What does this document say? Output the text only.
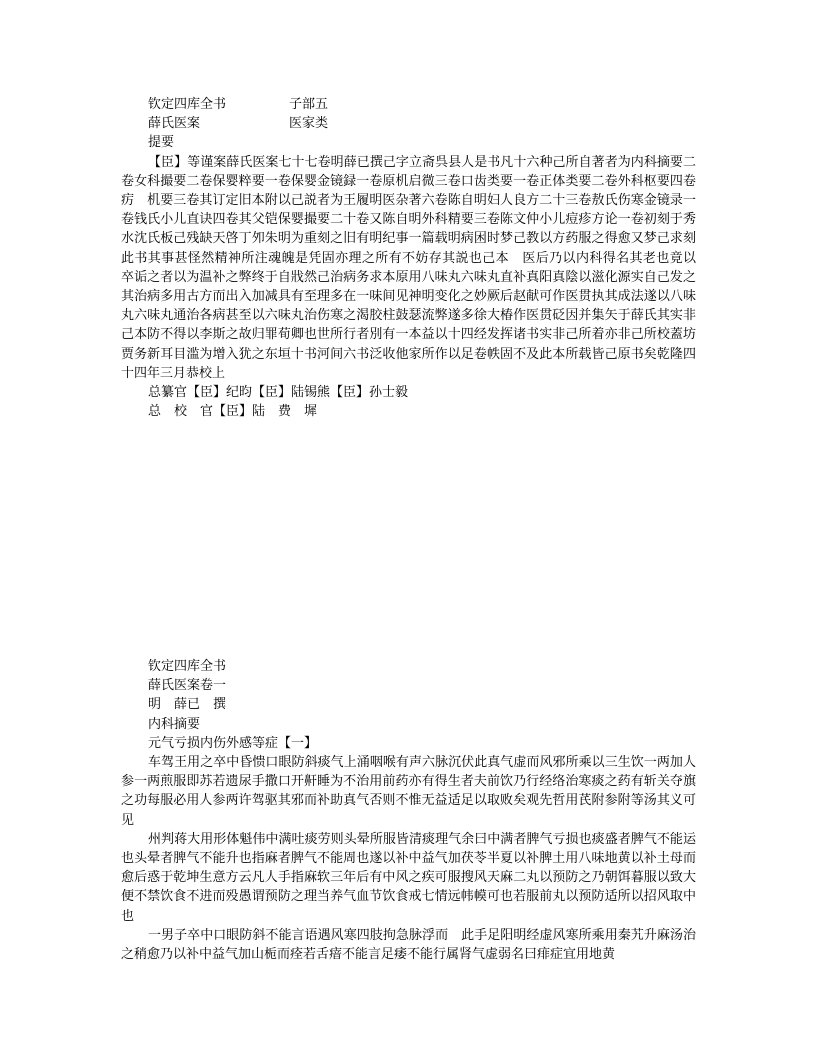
钦定四库全书	子部五
薛氏医案	医家类
提要

【臣】等谨案薛氏医案七十七卷明薛已撰己字立斋呉县人是书凡十六种己所自著者为内科摘要二卷女科撮要二卷保婴粹要一卷保婴金镜録一卷原机启微三卷口齿类要一卷正体类要二卷外科枢要四卷疠　机要三卷其订定旧本附以己説者为王履明医杂著六卷陈自明妇人良方二十三卷敖氏伤寒金镜录一卷钱氏小儿直诀四卷其父铠保婴撮要二十卷又陈自明外科精要三卷陈文仲小儿痘疹方论一卷初刻于秀水沈氏板己残缺天啓丁夘朱明为重刻之旧有明纪事一篇载明病困时梦己教以方药服之得愈又梦己求刻此书其事甚怪然精神所注魂魄是凭固亦理之所有不妨存其説也己本　医后乃以内科得名其老也竟以　卒诟之者以为温补之弊终于自戕然己治病务求本原用八味丸六味丸直补真阳真陰以滋化源实自己发之其治病多用古方而出入加减具有至理多在一味间见神明变化之妙厥后赵献可作医贯执其成法遂以八味丸六味丸通治各病甚至以六味丸治伤寒之渴胶柱鼓瑟流弊遂多徐大椿作医贯砭因并集矢于薛氏其实非己本防不得以李斯之故归罪荀卿也世所行者別有一本益以十四经发挥诸书实非己所着亦非己所校蓋坊贾务新耳目滥为增入犹之东垣十书河间六书泛收他家所作以足卷帙固不及此本所载皆己原书矣乾隆四十四年三月恭校上

总纂官【臣】纪昀【臣】陆锡熊【臣】孙士毅
总　校　官【臣】陆　费　墀
钦定四库全书
薛氏医案卷一
明　薛已　撰
内科摘要
元气亏损内伤外感等症【一】

车驾王用之卒中昏愦口眼防斜痰气上涌咽喉有声六脉沉伏此真气虚而风邪所乘以三生饮一两加人参一两煎服即苏若遗尿手撒口开鼾睡为不治用前药亦有得生者夫前饮乃行经络治寒痰之药有斩关夺旗之功每服必用人参两许驾驱其邪而补助真气否则不惟无益适足以取败矣观先哲用芪附参附等汤其义可见

州判蒋大用形体魁伟中满吐痰劳则头晕所服皆清痰理气余曰中满者脾气亏损也痰盛者脾气不能运也头晕者脾气不能升也指麻者脾气不能周也遂以补中益气加茯苓半夏以补脾土用八味地黄以补土母而愈后惑于乾坤生意方云凡人手指麻软三年后有中风之疾可服搜风天麻二丸以预防之乃朝饵暮服以致大便不禁饮食不进而殁愚谓预防之理当养气血节饮食戒七情远帏幙可也若服前丸以预防适所以招风取中也

一男子卒中口眼防斜不能言语遇风寒四肢拘急脉浮而　此手足阳明经虚风寒所乘用秦艽升麻汤治之稍愈乃以补中益气加山栀而痊若舌瘖不能言足痿不能行属肾气虚弱名曰痱症宜用地黄
